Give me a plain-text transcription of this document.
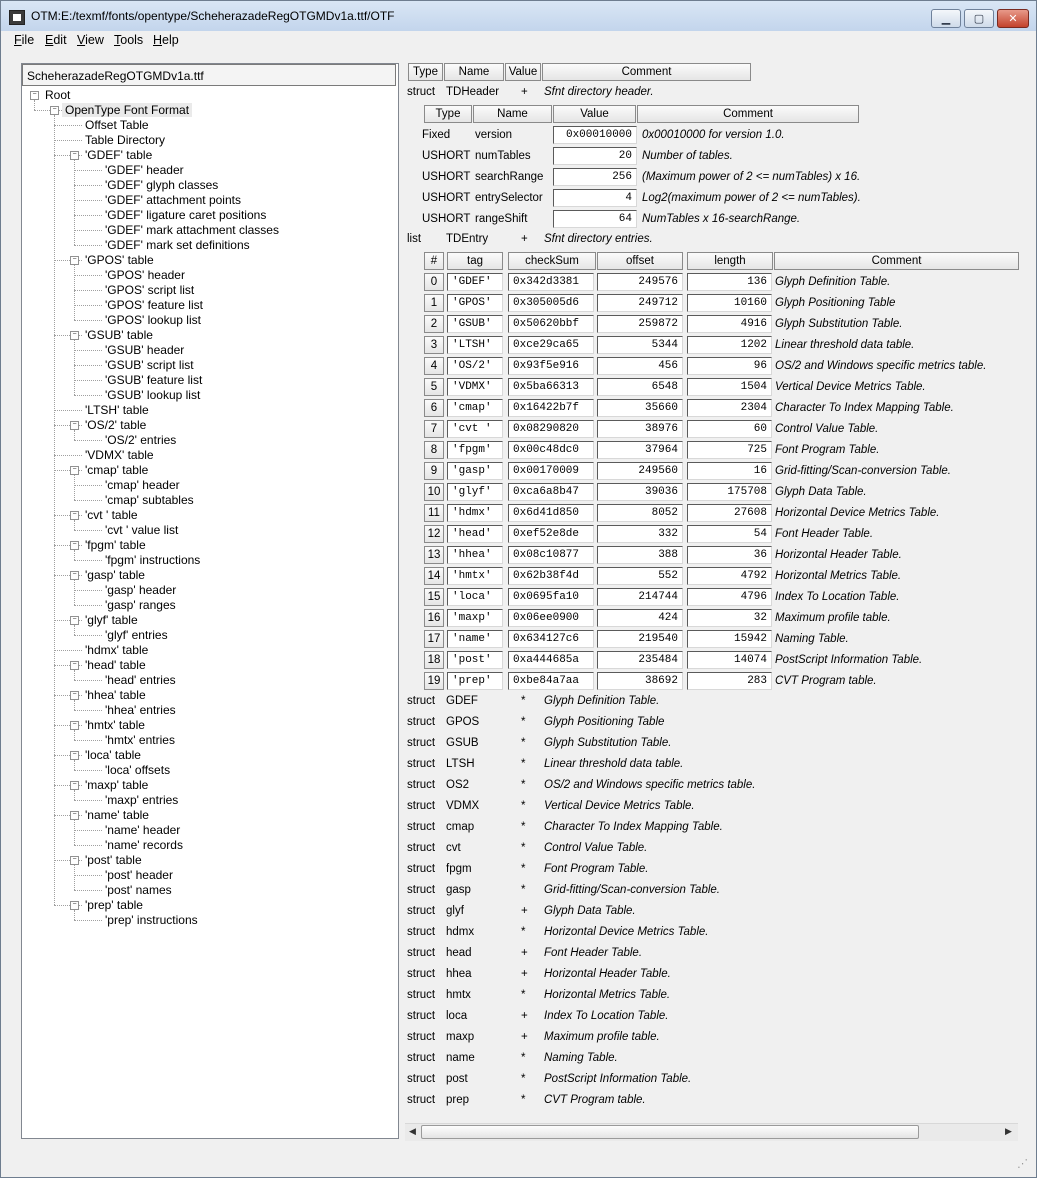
OTM:E:/texmf/fonts/opentype/ScheherazadeRegOTGMDv1a.ttf/OTF	▁	▢	✕
File Edit View Tools Help
ScheherazadeRegOTGMDv1a.ttf
− Root
− OpenType Font Format
Offset Table
Table Directory
− 'GDEF' table
'GDEF' header
'GDEF' glyph classes
'GDEF' attachment points
'GDEF' ligature caret positions
'GDEF' mark attachment classes
'GDEF' mark set definitions
− 'GPOS' table
'GPOS' header
'GPOS' script list
'GPOS' feature list
'GPOS' lookup list
− 'GSUB' table
'GSUB' header
'GSUB' script list
'GSUB' feature list
'GSUB' lookup list
'LTSH' table
− 'OS/2' table
'OS/2' entries
'VDMX' table
− 'cmap' table
'cmap' header
'cmap' subtables
− 'cvt ' table
'cvt ' value list
− 'fpgm' table
'fpgm' instructions
− 'gasp' table
'gasp' header
'gasp' ranges
− 'glyf' table
'glyf' entries
'hdmx' table
− 'head' table
'head' entries
− 'hhea' table
'hhea' entries
− 'hmtx' table
'hmtx' entries
− 'loca' table
'loca' offsets
− 'maxp' table
'maxp' entries
− 'name' table
'name' header
'name' records
− 'post' table
'post' header
'post' names
− 'prep' table
'prep' instructions
Type	Name	Value	Comment
struct TDHeader + Sfnt directory header.
Type	Name	Value	Comment
Fixed version	0x00010000 0x00010000 for version 1.0.
USHORT numTables	20 Number of tables.
USHORT searchRange	256 (Maximum power of 2 <= numTables) x 16.
USHORT entrySelector	4 Log2(maximum power of 2 <= numTables).
USHORT rangeShift	64 NumTables x 16-searchRange.
list TDEntry	+ Sfnt directory entries.
#	tag	checkSum	offset	length	Comment
0	'GDEF'	0x342d3381	249576	136 Glyph Definition Table.
1	'GPOS'	0x305005d6	249712	10160 Glyph Positioning Table
2	'GSUB'	0x50620bbf	259872	4916 Glyph Substitution Table.
3	'LTSH'	0xce29ca65	5344	1202 Linear threshold data table.
4	'OS/2'	0x93f5e916	456	96 OS/2 and Windows specific metrics table.
5	'VDMX'	0x5ba66313	6548	1504 Vertical Device Metrics Table.
6	'cmap'	0x16422b7f	35660	2304 Character To Index Mapping Table.
7	'cvt '	0x08290820	38976	60 Control Value Table.
8	'fpgm'	0x00c48dc0	37964	725 Font Program Table.
9	'gasp'	0x00170009	249560	16 Grid-fitting/Scan-conversion Table.
10	'glyf'	0xca6a8b47	39036	175708 Glyph Data Table.
11	'hdmx'	0x6d41d850	8052	27608 Horizontal Device Metrics Table.
12	'head'	0xef52e8de	332	54 Font Header Table.
13	'hhea'	0x08c10877	388	36 Horizontal Header Table.
14	'hmtx'	0x62b38f4d	552	4792 Horizontal Metrics Table.
15	'loca'	0x0695fa10	214744	4796 Index To Location Table.
16	'maxp'	0x06ee0900	424	32 Maximum profile table.
17	'name'	0x634127c6	219540	15942 Naming Table.
18	'post'	0xa444685a	235484	14074 PostScript Information Table.
19	'prep'	0xbe84a7aa	38692	283 CVT Program table.
struct GDEF	* Glyph Definition Table.
struct GPOS	* Glyph Positioning Table
struct GSUB	* Glyph Substitution Table.
struct LTSH	* Linear threshold data table.
struct OS2	* OS/2 and Windows specific metrics table.
struct VDMX	* Vertical Device Metrics Table.
struct cmap	* Character To Index Mapping Table.
struct cvt	* Control Value Table.
struct fpgm	* Font Program Table.
struct gasp	* Grid-fitting/Scan-conversion Table.
struct glyf	+ Glyph Data Table.
struct hdmx	* Horizontal Device Metrics Table.
struct head	+ Font Header Table.
struct hhea	+ Horizontal Header Table.
struct hmtx	* Horizontal Metrics Table.
struct loca	+ Index To Location Table.
struct maxp	+ Maximum profile table.
struct name	* Naming Table.
struct post	* PostScript Information Table.
struct prep	* CVT Program table.
◀	▶
⋰
